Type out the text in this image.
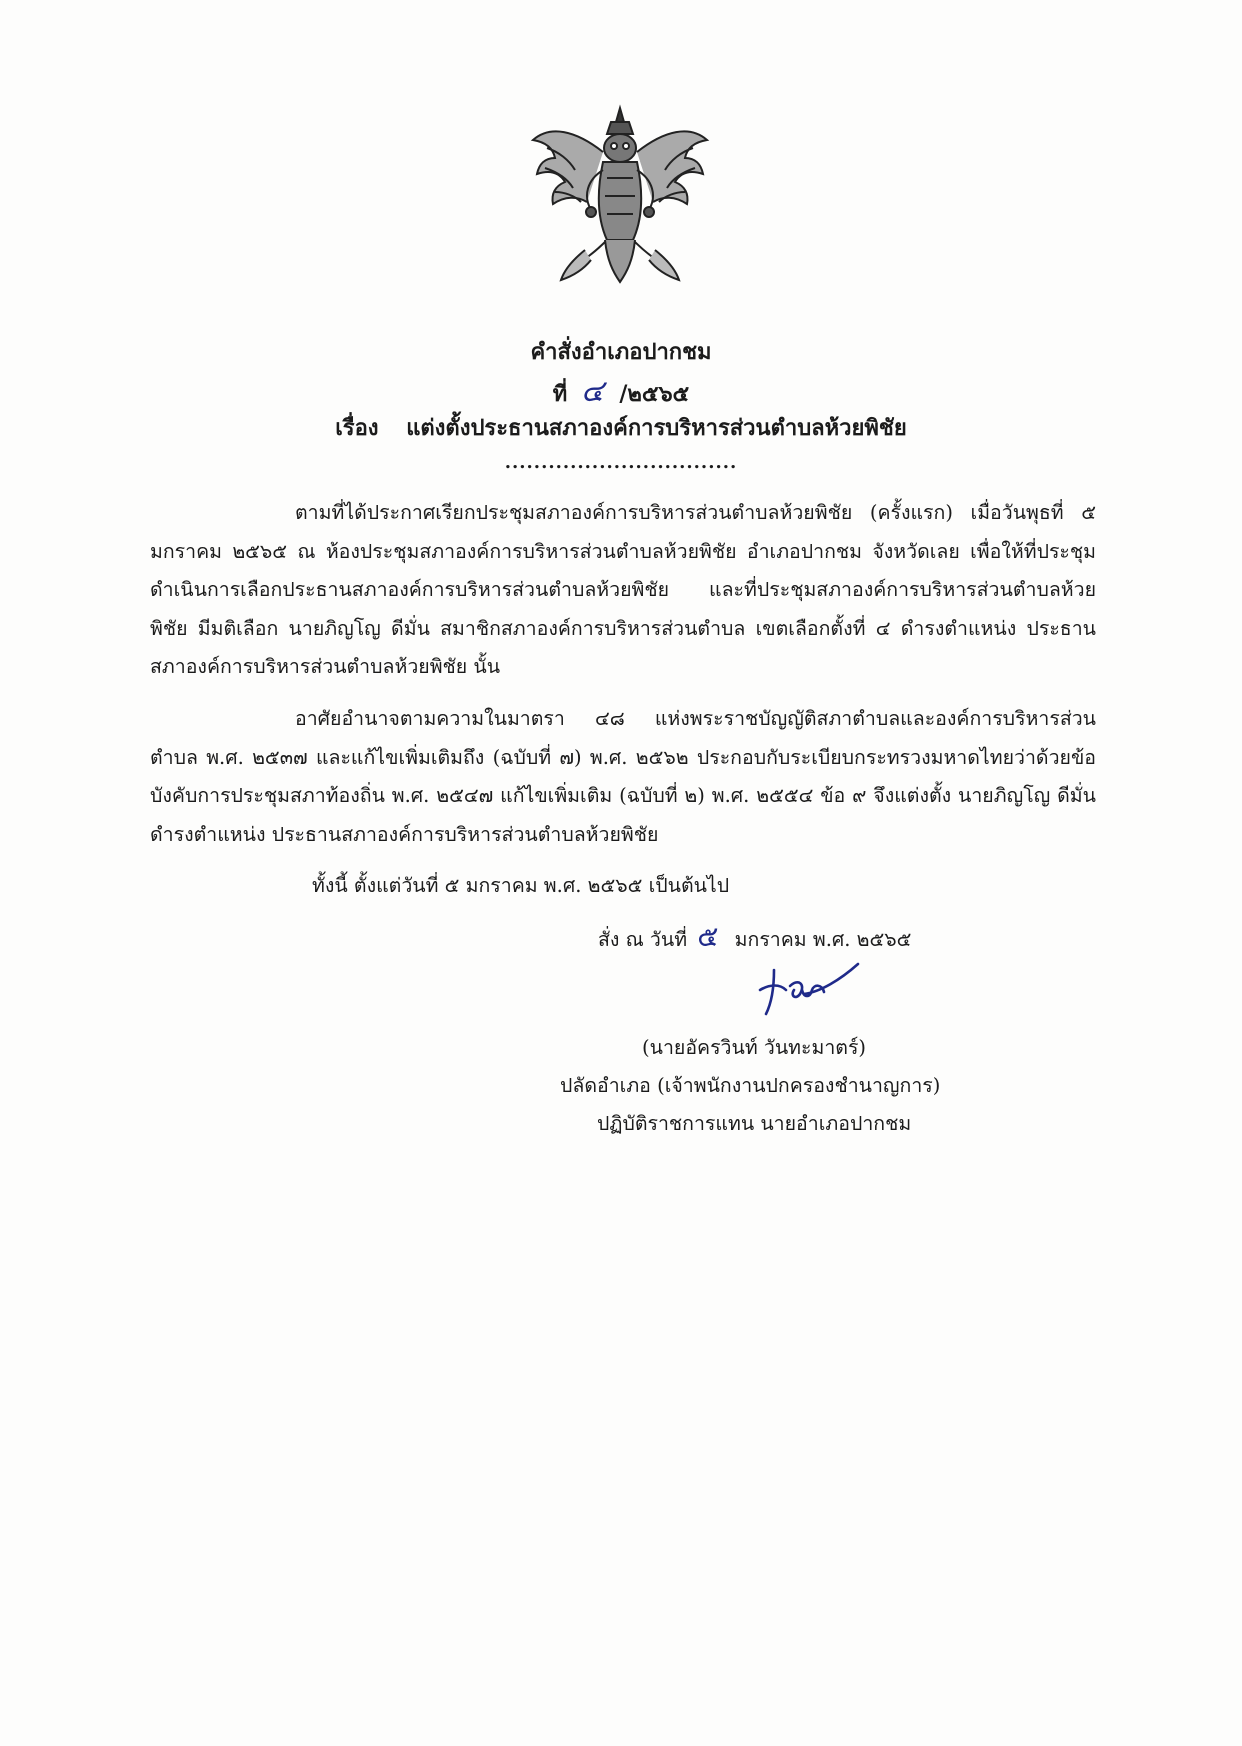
คำสั่งอำเภอปากชม
ที่ ๔ /๒๕๖๕
เรื่อง แต่งตั้งประธานสภาองค์การบริหารส่วนตำบลห้วยพิชัย
................................

ตามที่ได้ประกาศเรียกประชุมสภาองค์การบริหารส่วนตำบลห้วยพิชัย (ครั้งแรก) เมื่อวันพุธที่ ๕ มกราคม ๒๕๖๕ ณ ห้องประชุมสภาองค์การบริหารส่วนตำบลห้วยพิชัย อำเภอปากชม จังหวัดเลย เพื่อให้ที่ประชุมดำเนินการเลือกประธานสภาองค์การบริหารส่วนตำบลห้วยพิชัย และที่ประชุมสภาองค์การบริหารส่วนตำบลห้วยพิชัย มีมติเลือก นายภิญโญ ดีมั่น สมาชิกสภาองค์การบริหารส่วนตำบล เขตเลือกตั้งที่ ๔ ดำรงตำแหน่ง ประธานสภาองค์การบริหารส่วนตำบลห้วยพิชัย นั้น

อาศัยอำนาจตามความในมาตรา ๔๘ แห่งพระราชบัญญัติสภาตำบลและองค์การบริหารส่วนตำบล พ.ศ. ๒๕๓๗ และแก้ไขเพิ่มเติมถึง (ฉบับที่ ๗) พ.ศ. ๒๕๖๒ ประกอบกับระเบียบกระทรวงมหาดไทยว่าด้วยข้อบังคับการประชุมสภาท้องถิ่น พ.ศ. ๒๕๔๗ แก้ไขเพิ่มเติม (ฉบับที่ ๒) พ.ศ. ๒๕๕๔ ข้อ ๙ จึงแต่งตั้ง นายภิญโญ ดีมั่น ดำรงตำแหน่ง ประธานสภาองค์การบริหารส่วนตำบลห้วยพิชัย

ทั้งนี้ ตั้งแต่วันที่ ๕ มกราคม พ.ศ. ๒๕๖๕ เป็นต้นไป

สั่ง ณ วันที่ ๕ มกราคม พ.ศ. ๒๕๖๕

(นายอัครวินท์ วันทะมาตร์)

ปลัดอำเภอ (เจ้าพนักงานปกครองชำนาญการ)

ปฏิบัติราชการแทน นายอำเภอปากชม
